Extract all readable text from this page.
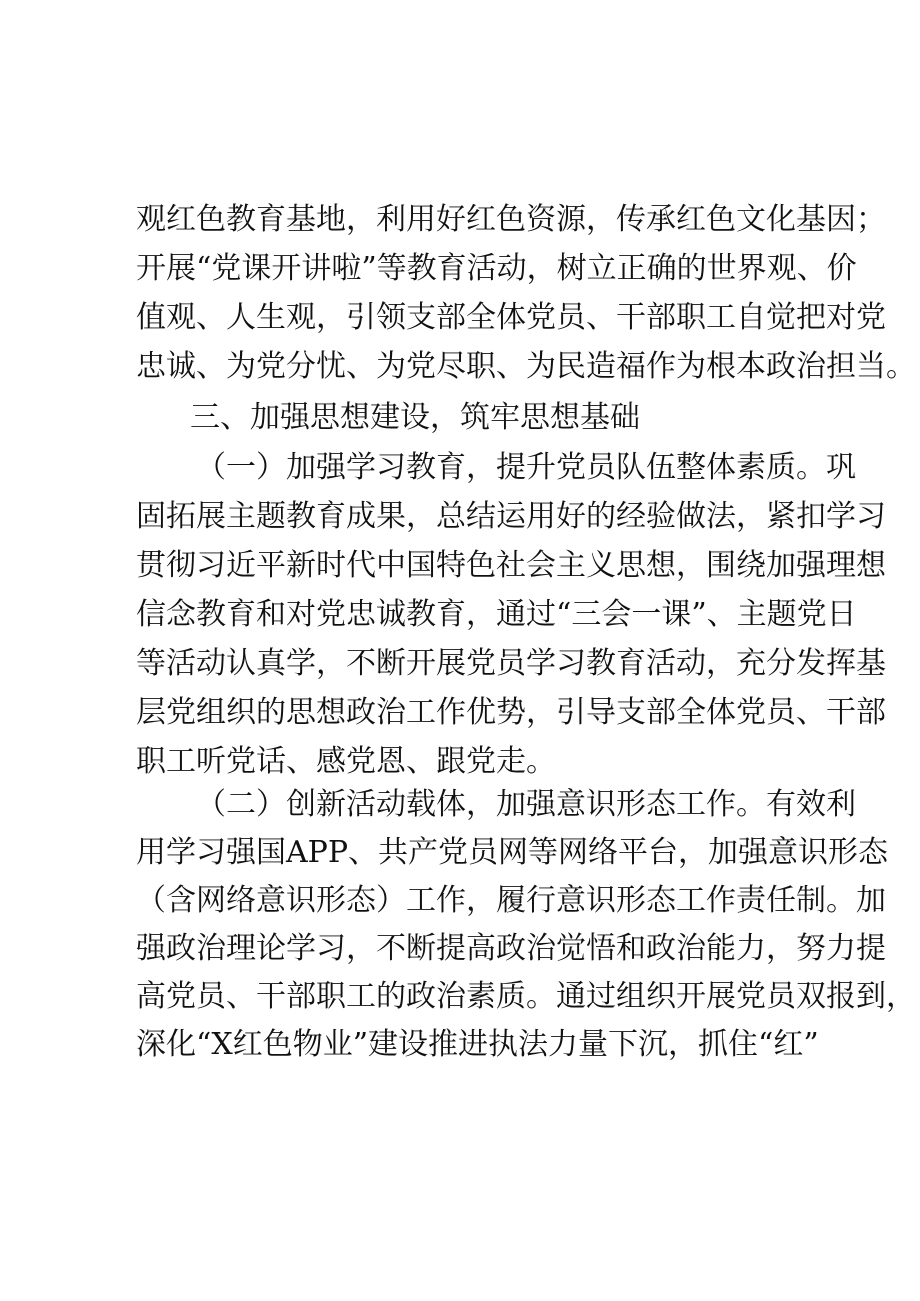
观红色教育基地，利用好红色资源，传承红色文化基因；
开展“党课开讲啦”等教育活动，树立正确的世界观、价
值观、人生观，引领支部全体党员、干部职工自觉把对党
忠诚、为党分忧、为党尽职、为民造福作为根本政治担当。
三、加强思想建设，筑牢思想基础
（一）加强学习教育，提升党员队伍整体素质。巩
固拓展主题教育成果，总结运用好的经验做法，紧扣学习
贯彻习近平新时代中国特色社会主义思想，围绕加强理想
信念教育和对党忠诚教育，通过“三会一课”、主题党日
等活动认真学，不断开展党员学习教育活动，充分发挥基
层党组织的思想政治工作优势，引导支部全体党员、干部
职工听党话、感党恩、跟党走。
（二）创新活动载体，加强意识形态工作。有效利
用学习强国APP、共产党员网等网络平台，加强意识形态
（含网络意识形态）工作，履行意识形态工作责任制。加
强政治理论学习，不断提高政治觉悟和政治能力，努力提
高党员、干部职工的政治素质。通过组织开展党员双报到，
深化“X红色物业”建设推进执法力量下沉，抓住“红”
